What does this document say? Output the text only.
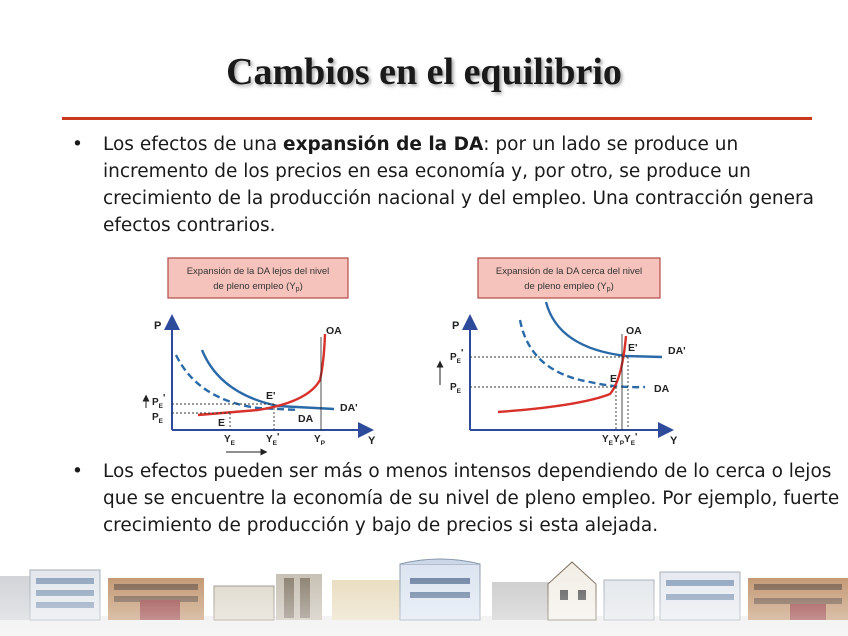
Cambios en el equilibrio
• Los efectos de una expansión de la DA: por un lado se produce un incremento de los precios en esa economía y, por otro, se produce un crecimiento de la producción nacional y del empleo. Una contracción genera efectos contrarios.
Expansión de la DA lejos del nivel
de pleno empleo $(Y_p)$
P
Y
OA
DA
DA'
E
E'
$P_E'$
$P_E$
$Y_E$	$Y_E'$	$Y_P$
Expansión de la DA cerca del nivel
de pleno empleo $(Y_p)$
P
Y
OA
DA
DA'
E
E'
$P_E'$
$P_E$
$Y_EY_PY_E'$
• Los efectos pueden ser más o menos intensos dependiendo de lo cerca o lejos que se encuentre la economía de su nivel de pleno empleo. Por ejemplo, fuerte crecimiento de producción y bajo de precios si esta alejada.
